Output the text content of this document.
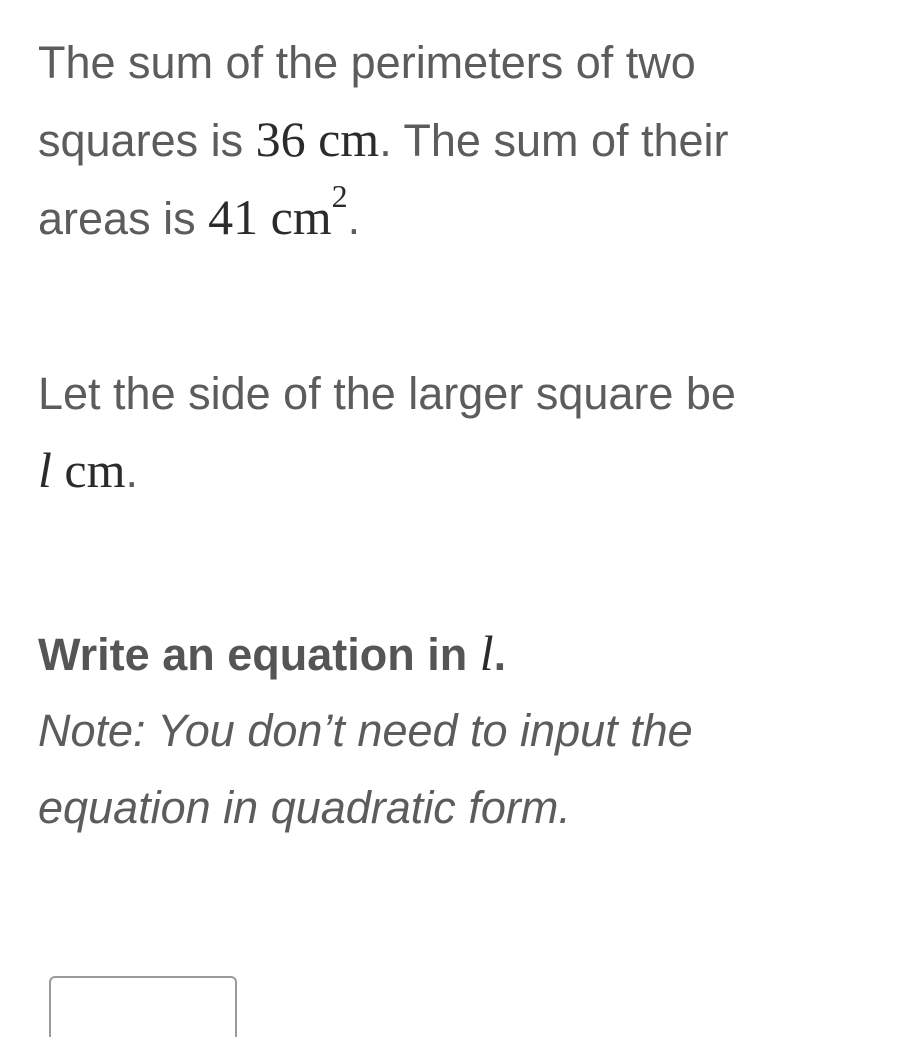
The sum of the perimeters of two
squares is 36 cm. The sum of their
areas is 41 $cm^2$.

Let the side of the larger square be
l cm.

Write an equation in l.

Note: You don’t need to input the
equation in quadratic form.
